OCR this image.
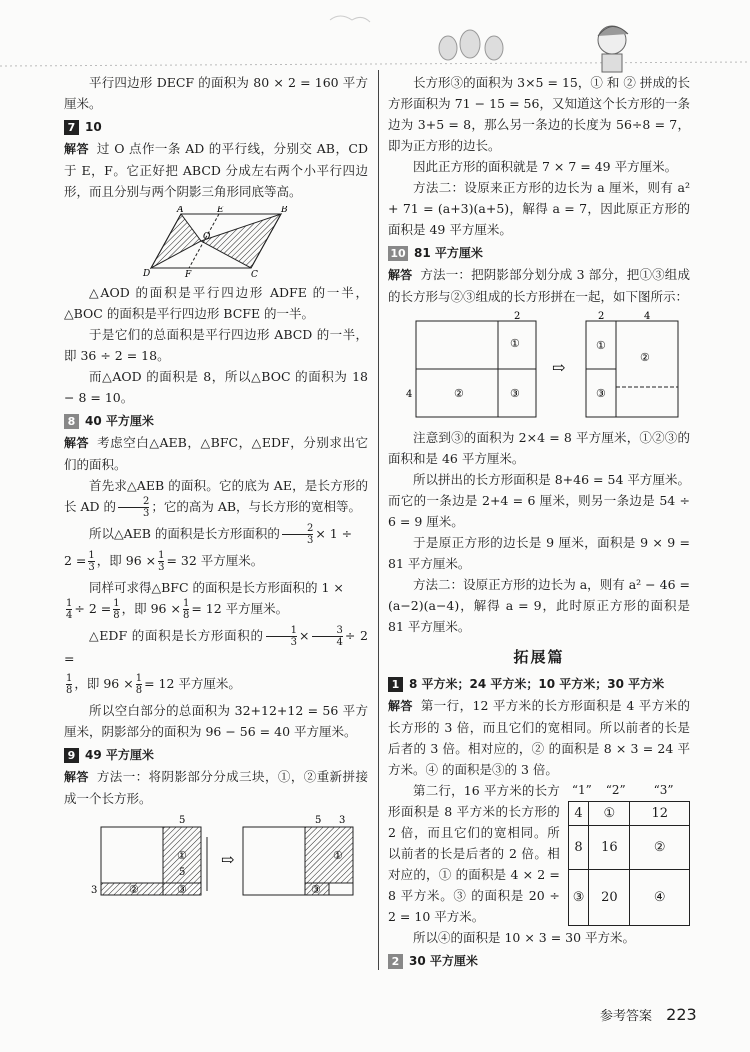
平行四边形 DECF 的面积为 80 × 2 = 160 平方厘米。

7 10

解答 过 O 点作一条 AD 的平行线，分别交 AB，CD 于 E，F。它正好把 ABCD 分成左右两个小平行四边形，而且分别与两个阴影三角形同底等高。

A	E	B
O
D	F	C

△AOD 的面积是平行四边形 ADFE 的一半，△BOC 的面积是平行四边形 BCFE 的一半。

于是它们的总面积是平行四边形 ABCD 的一半，即 36 ÷ 2 = 18。

而△AOD 的面积是 8，所以△BOC 的面积为 18 − 8 = 10。

8 40 平方厘米

解答 考虑空白△AEB，△BFC，△EDF，分别求出它们的面积。

首先求△AEB 的面积。它的底为 AE，是长方形的长 AD 的 $\frac{2}{3}$ ；它的高为 AB，与长方形的宽相等。

所以△AEB 的面积是长方形面积的 $\frac{2}{3} \times 1$ ÷

$2 = \frac{1}{3}$ ，即 $96 \times \frac{1}{3} = 32$ 平方厘米。

同样可求得△BFC 的面积是长方形面积的 1 ×

$\frac{1}{4} \div 2 = \frac{1}{8}$ ，即 $96 \times \frac{1}{8} = 12$ 平方厘米。

△EDF 的面积是长方形面积的 $\frac{1}{3} \times \frac{3}{4} \div 2$ =

$\frac{1}{8}$ ，即 $96 \times \frac{1}{8} = 12$ 平方厘米。

所以空白部分的总面积为 32+12+12 = 56 平方厘米，阴影部分的面积为 96 − 56 = 40 平方厘米。

9 49 平方厘米

解答 方法一：将阴影部分分成三块，①，②重新拼接成一个长方形。

5
①
5
②	③
3
⇨
5 3
①
③

长方形③的面积为 3×5 = 15，① 和 ② 拼成的长方形面积为 71 − 15 = 56，又知道这个长方形的一条边为 3+5 = 8，那么另一条边的长度为 56÷8 = 7，即为正方形的边长。

因此正方形的面积就是 7 × 7 = 49 平方厘米。

方法二：设原来正方形的边长为 a 厘米，则有 a² + 71 = (a+3)(a+5)，解得 a = 7，因此原正方形的面积是 49 平方厘米。

10 81 平方厘米

解答 方法一：把阴影部分划分成 3 部分，把①③组成的长方形与②③组成的长方形拼在一起，如下图所示：

2
①
4	②	③
⇨
2	4
①
②
③

注意到③的面积为 2×4 = 8 平方厘米，①②③的面积和是 46 平方厘米。

所以拼出的长方形面积是 8+46 = 54 平方厘米。而它的一条边是 2+4 = 6 厘米，则另一条边是 54 ÷ 6 = 9 厘米。

于是原正方形的边长是 9 厘米，面积是 9 × 9 = 81 平方厘米。

方法二：设原正方形的边长为 a，则有 a² − 46 = (a−2)(a−4)，解得 a = 9，此时原正方形的面积是 81 平方厘米。

拓展篇
1 8 平方米；24 平方米；10 平方米；30 平方米

解答 第一行，12 平方米的长方形面积是 4 平方米的长方形的 3 倍，而且它们的宽相同。所以前者的长是后者的 3 倍。相对应的，② 的面积是 8 × 3 = 24 平方米。④ 的面积是③的 3 倍。

第二行，16 平方米的长方形面积是 8 平方米的长方形的 2 倍，而且它们的宽相同。所以前者的长是后者的 2 倍。相对应的，① 的面积是 4 × 2 = 8 平方米。③ 的面积是 20 ÷ 2 = 10 平方米。

“1” “2” “3”
4	①	12
8	16	②
③	20	④

所以④的面积是 10 × 3 = 30 平方米。

2 30 平方厘米
参考答案 223
